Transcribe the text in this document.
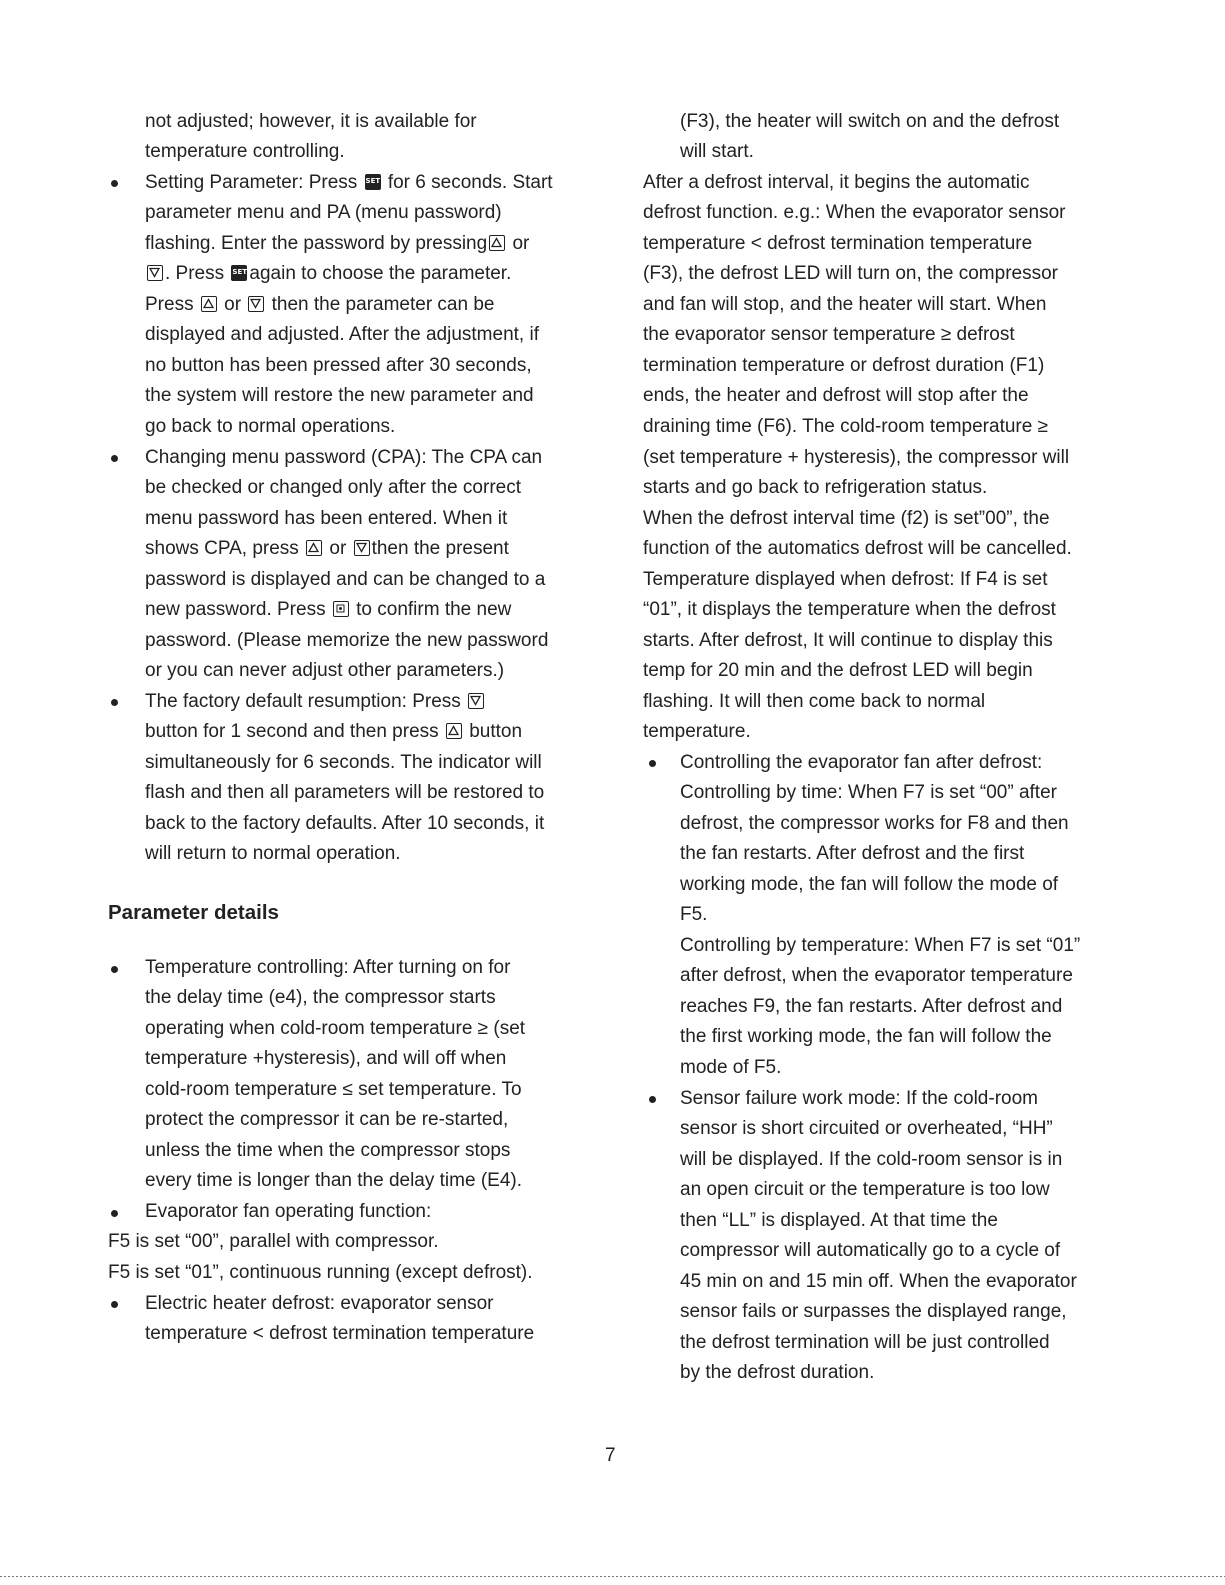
not adjusted; however, it is available for
temperature controlling.
Setting Parameter: Press SET for 6 seconds. Start
parameter menu and PA (menu password)
flashing. Enter the password by pressing or
. Press SET again to choose the parameter.
Press or then the parameter can be
displayed and adjusted. After the adjustment, if
no button has been pressed after 30 seconds,
the system will restore the new parameter and
go back to normal operations.
Changing menu password (CPA): The CPA can
be checked or changed only after the correct
menu password has been entered. When it
shows CPA, press or then the present
password is displayed and can be changed to a
new password. Press to confirm the new
password. (Please memorize the new password
or you can never adjust other parameters.)
The factory default resumption: Press
button for 1 second and then press button
simultaneously for 6 seconds. The indicator will
flash and then all parameters will be restored to
back to the factory defaults. After 10 seconds, it
will return to normal operation.
Parameter details
Temperature controlling: After turning on for
the delay time (e4), the compressor starts
operating when cold-room temperature ≥ (set
temperature +hysteresis), and will off when
cold-room temperature ≤ set temperature. To
protect the compressor it can be re-started,
unless the time when the compressor stops
every time is longer than the delay time (E4).
Evaporator fan operating function:
F5 is set “00”, parallel with compressor.
F5 is set “01”, continuous running (except defrost).
Electric heater defrost: evaporator sensor
temperature < defrost termination temperature
(F3), the heater will switch on and the defrost
will start.
After a defrost interval, it begins the automatic
defrost function. e.g.: When the evaporator sensor
temperature < defrost termination temperature
(F3), the defrost LED will turn on, the compressor
and fan will stop, and the heater will start. When
the evaporator sensor temperature ≥ defrost
termination temperature or defrost duration (F1)
ends, the heater and defrost will stop after the
draining time (F6). The cold-room temperature ≥
(set temperature + hysteresis), the compressor will
starts and go back to refrigeration status.
When the defrost interval time (f2) is set”00”, the
function of the automatics defrost will be cancelled.
Temperature displayed when defrost: If F4 is set
“01”, it displays the temperature when the defrost
starts. After defrost, It will continue to display this
temp for 20 min and the defrost LED will begin
flashing. It will then come back to normal
temperature.
Controlling the evaporator fan after defrost:
Controlling by time: When F7 is set “00” after
defrost, the compressor works for F8 and then
the fan restarts. After defrost and the first
working mode, the fan will follow the mode of
F5.
Controlling by temperature: When F7 is set “01”
after defrost, when the evaporator temperature
reaches F9, the fan restarts. After defrost and
the first working mode, the fan will follow the
mode of F5.
Sensor failure work mode: If the cold-room
sensor is short circuited or overheated, “HH”
will be displayed. If the cold-room sensor is in
an open circuit or the temperature is too low
then “LL” is displayed. At that time the
compressor will automatically go to a cycle of
45 min on and 15 min off. When the evaporator
sensor fails or surpasses the displayed range,
the defrost termination will be just controlled
by the defrost duration.
7
